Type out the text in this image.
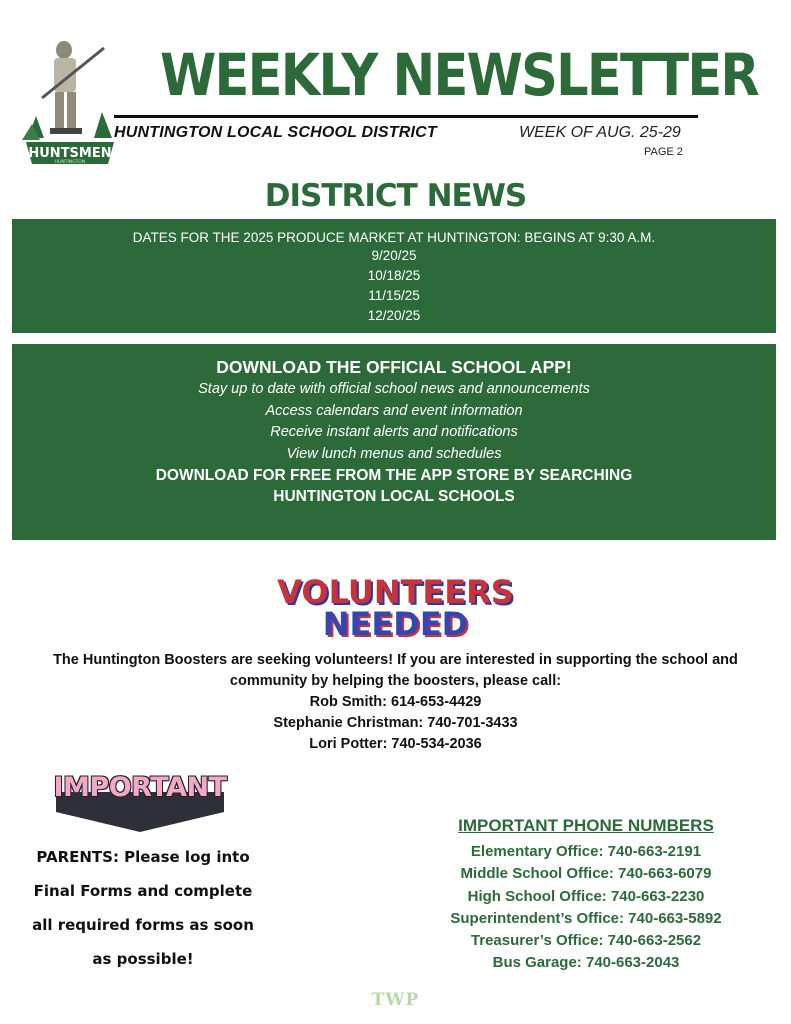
HUNTSMEN
HUNTINGTON
WEEKLY NEWSLETTER
HUNTINGTON LOCAL SCHOOL DISTRICT	WEEK OF AUG. 25-29
PAGE 2
DISTRICT NEWS
DATES FOR THE 2025 PRODUCE MARKET AT HUNTINGTON: BEGINS AT 9:30 A.M.
9/20/25
10/18/25
11/15/25
12/20/25
DOWNLOAD THE OFFICIAL SCHOOL APP!
Stay up to date with official school news and announcements
Access calendars and event information
Receive instant alerts and notifications
View lunch menus and schedules
DOWNLOAD FOR FREE FROM THE APP STORE BY SEARCHING HUNTINGTON LOCAL SCHOOLS
VOLUNTEERS
NEEDED
The Huntington Boosters are seeking volunteers! If you are interested in supporting the school and community by helping the boosters, please call:
Rob Smith: 614-653-4429
Stephanie Christman: 740-701-3433
Lori Potter: 740-534-2036
IMPORTANT
PARENTS: Please log into
Final Forms and complete
all required forms as soon
as possible!
IMPORTANT PHONE NUMBERS
Elementary Office: 740-663-2191
Middle School Office: 740-663-6079
High School Office: 740-663-2230
Superintendent’s Office: 740-663-5892
Treasurer’s Office: 740-663-2562
Bus Garage: 740-663-2043
TWP
